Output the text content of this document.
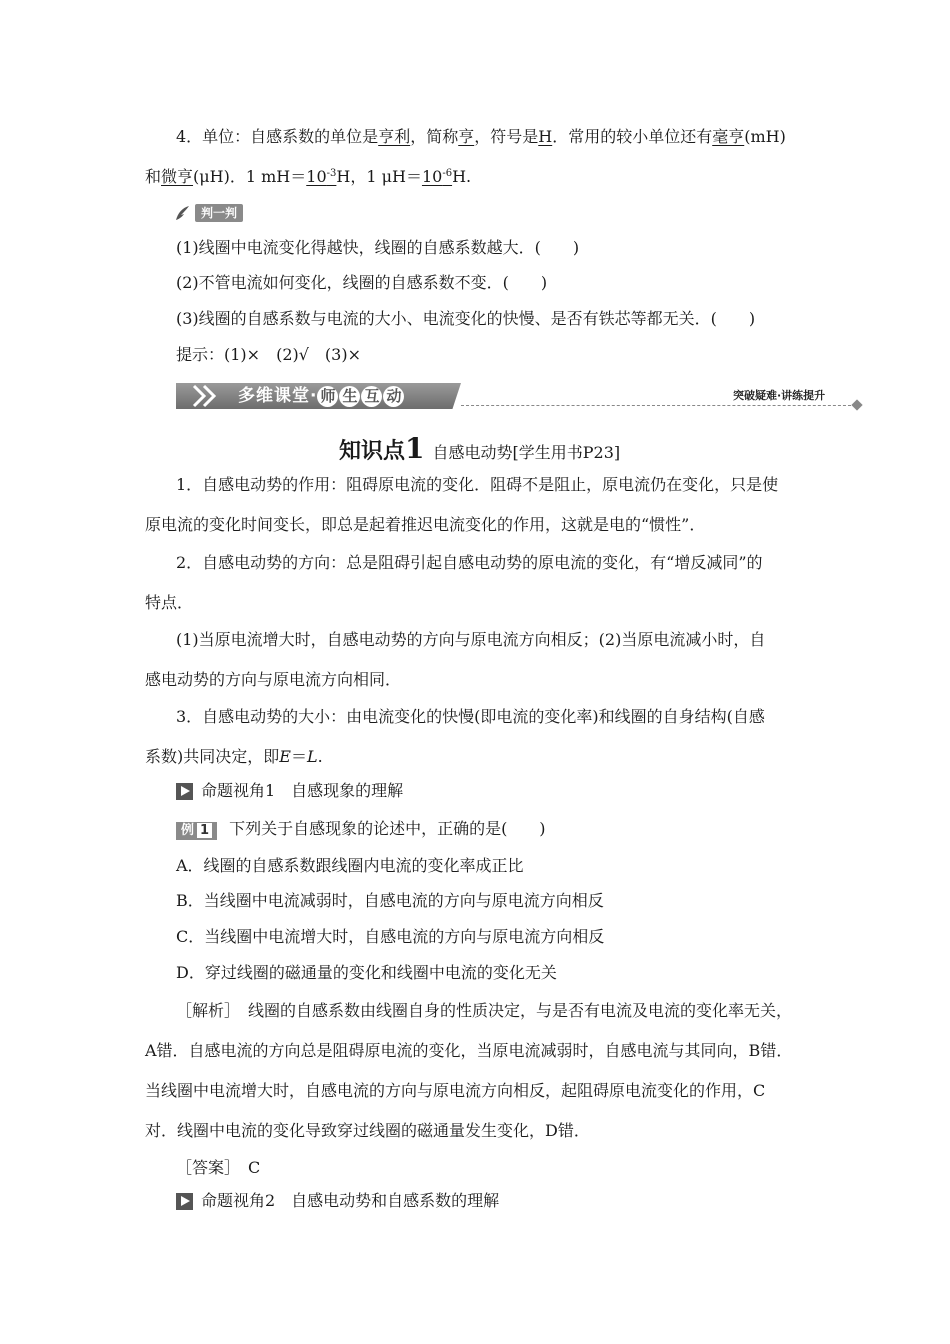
4．单位：自感系数的单位是亨利，简称亨，符号是H．常用的较小单位还有毫亨(mH)
和微亨(μH)．1 $mH=10^{-3}H$，1 $\mu H=10^{-6}H$.
判一判
(1)线圈中电流变化得越快，线圈的自感系数越大．(　　)
(2)不管电流如何变化，线圈的自感系数不变．(　　)
(3)线圈的自感系数与电流的大小、电流变化的快慢、是否有铁芯等都无关．(　　)
提示：(1)×　(2)√　(3)×
多维课堂· 师 生 互 动	突破疑难·讲练提升
知识点1 自感电动势[学生用书P23]
1．自感电动势的作用：阻碍原电流的变化．阻碍不是阻止，原电流仍在变化，只是使
原电流的变化时间变长，即总是起着推迟电流变化的作用，这就是电的“惯性”．
2．自感电动势的方向：总是阻碍引起自感电动势的原电流的变化，有“增反减同”的
特点．
(1)当原电流增大时，自感电动势的方向与原电流方向相反；(2)当原电流减小时，自
感电动势的方向与原电流方向相同．
3．自感电动势的大小：由电流变化的快慢(即电流的变化率)和线圈的自身结构(自感
系数)共同决定，即E＝L.
命题视角1　自感现象的理解
例 1 下列关于自感现象的论述中，正确的是(　　)
A．线圈的自感系数跟线圈内电流的变化率成正比
B．当线圈中电流减弱时，自感电流的方向与原电流方向相反
C．当线圈中电流增大时，自感电流的方向与原电流方向相反
D．穿过线圈的磁通量的变化和线圈中电流的变化无关
［解析］　线圈的自感系数由线圈自身的性质决定，与是否有电流及电流的变化率无关，
A错．自感电流的方向总是阻碍原电流的变化，当原电流减弱时，自感电流与其同向，B错．
当线圈中电流增大时，自感电流的方向与原电流方向相反，起阻碍原电流变化的作用，C
对．线圈中电流的变化导致穿过线圈的磁通量发生变化，D错．
［答案］　C
命题视角2　自感电动势和自感系数的理解
